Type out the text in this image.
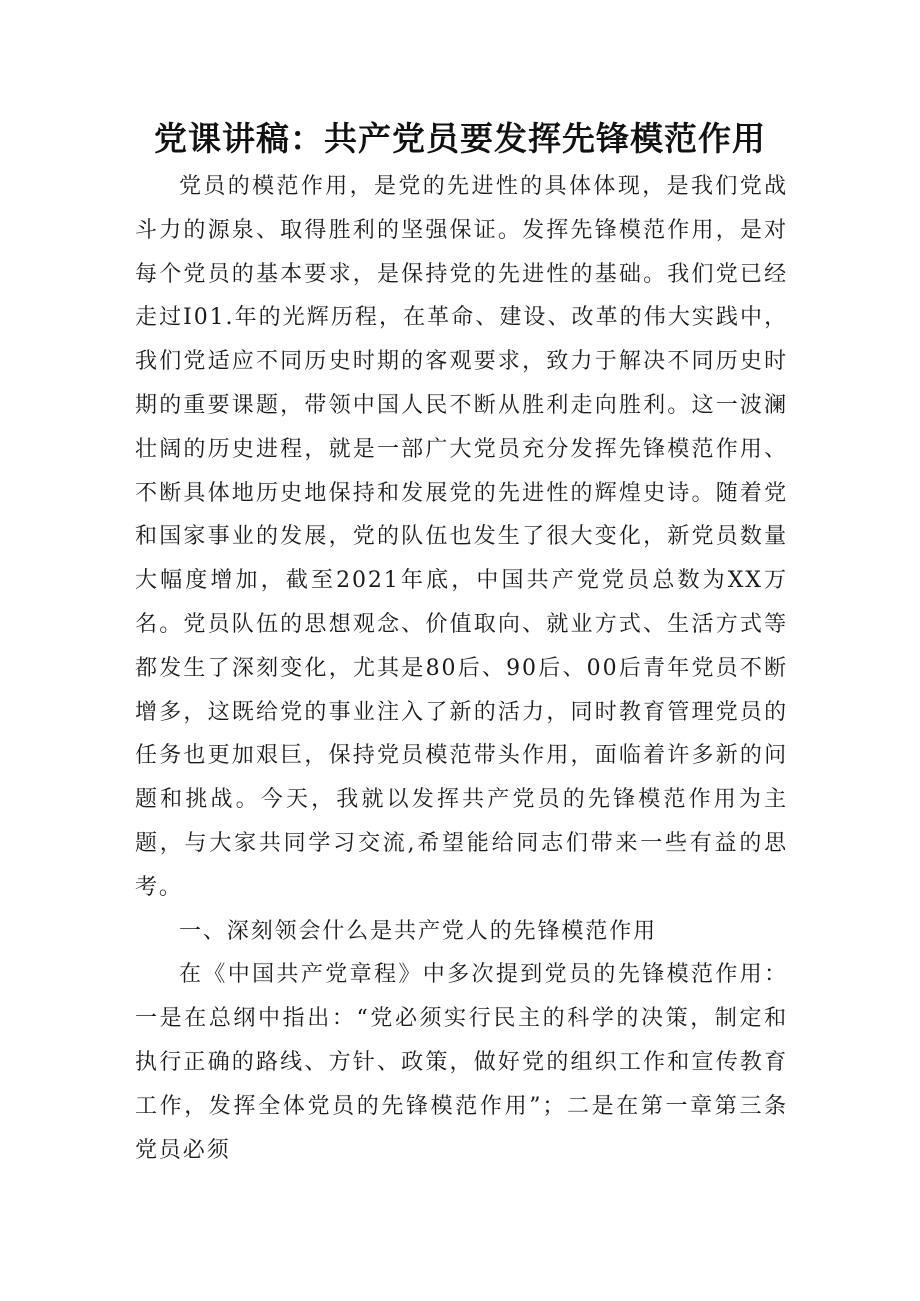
党课讲稿：共产党员要发挥先锋模范作用

党员的模范作用，是党的先进性的具体体现，是我们党战斗力的源泉、取得胜利的坚强保证。发挥先锋模范作用，是对每个党员的基本要求，是保持党的先进性的基础。我们党已经走过I01.年的光辉历程，在革命、建设、改革的伟大实践中，我们党适应不同历史时期的客观要求，致力于解决不同历史时期的重要课题，带领中国人民不断从胜利走向胜利。这一波澜壮阔的历史进程，就是一部广大党员充分发挥先锋模范作用、不断具体地历史地保持和发展党的先进性的辉煌史诗。随着党和国家事业的发展，党的队伍也发生了很大变化，新党员数量大幅度增加，截至2021年底，中国共产党党员总数为XX万名。党员队伍的思想观念、价值取向、就业方式、生活方式等都发生了深刻变化，尤其是80后、90后、00后青年党员不断增多，这既给党的事业注入了新的活力，同时教育管理党员的任务也更加艰巨，保持党员模范带头作用，面临着许多新的问题和挑战。今天，我就以发挥共产党员的先锋模范作用为主题，与大家共同学习交流,希望能给同志们带来一些有益的思考。

一、深刻领会什么是共产党人的先锋模范作用

在《中国共产党章程》中多次提到党员的先锋模范作用：一是在总纲中指出：“党必须实行民主的科学的决策，制定和执行正确的路线、方针、政策，做好党的组织工作和宣传教育工作，发挥全体党员的先锋模范作用”；二是在第一章第三条党员必须
